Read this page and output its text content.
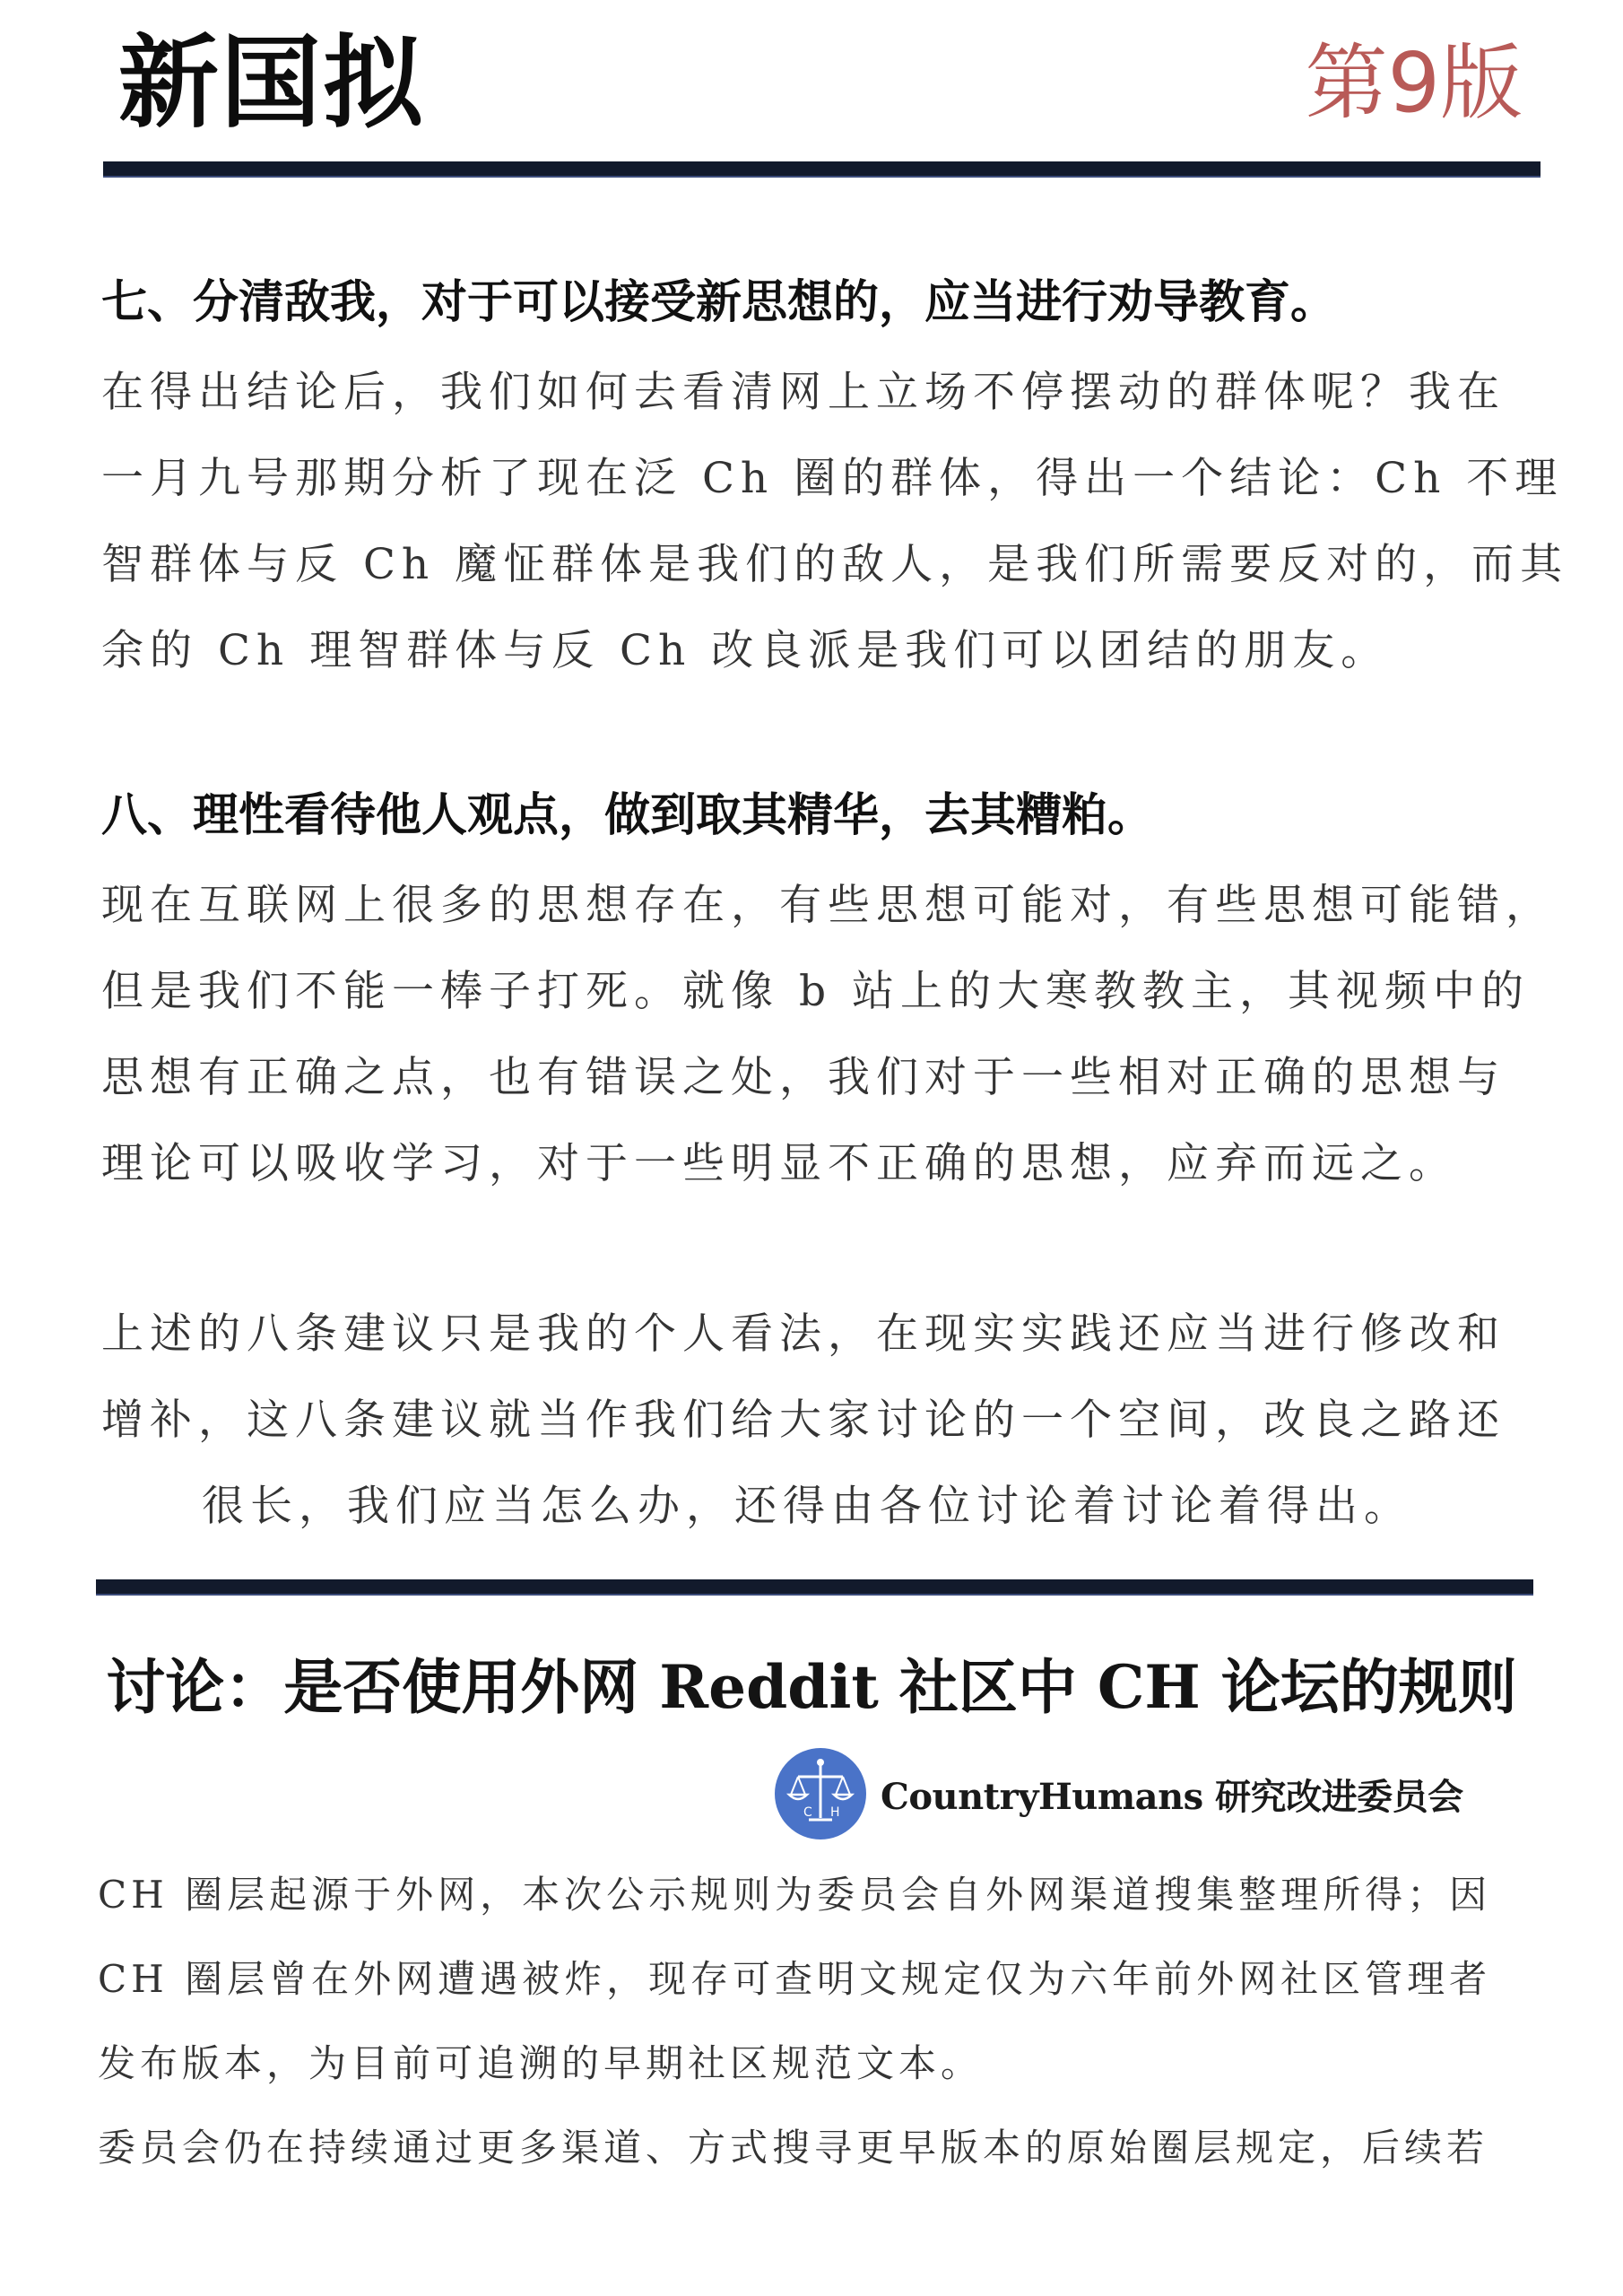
新国拟	第9版
七、分清敌我，对于可以接受新思想的，应当进行劝导教育。
在得出结论后，我们如何去看清网上立场不停摆动的群体呢？我在
一月九号那期分析了现在泛 Ch 圈的群体，得出一个结论：Ch 不理
智群体与反 Ch 魔怔群体是我们的敌人，是我们所需要反对的，而其
余的 Ch 理智群体与反 Ch 改良派是我们可以团结的朋友。
八、理性看待他人观点，做到取其精华，去其糟粕。
现在互联网上很多的思想存在，有些思想可能对，有些思想可能错，
但是我们不能一棒子打死。就像 b 站上的大寒教教主，其视频中的
思想有正确之点，也有错误之处，我们对于一些相对正确的思想与
理论可以吸收学习，对于一些明显不正确的思想，应弃而远之。
上述的八条建议只是我的个人看法，在现实实践还应当进行修改和
增补，这八条建议就当作我们给大家讨论的一个空间，改良之路还
很长，我们应当怎么办，还得由各位讨论着讨论着得出。
讨论：是否使用外网 Reddit 社区中 CH 论坛的规则
C H CountryHumans 研究改进委员会
CH 圈层起源于外网，本次公示规则为委员会自外网渠道搜集整理所得；因
CH 圈层曾在外网遭遇被炸，现存可查明文规定仅为六年前外网社区管理者
发布版本，为目前可追溯的早期社区规范文本。
委员会仍在持续通过更多渠道、方式搜寻更早版本的原始圈层规定，后续若
